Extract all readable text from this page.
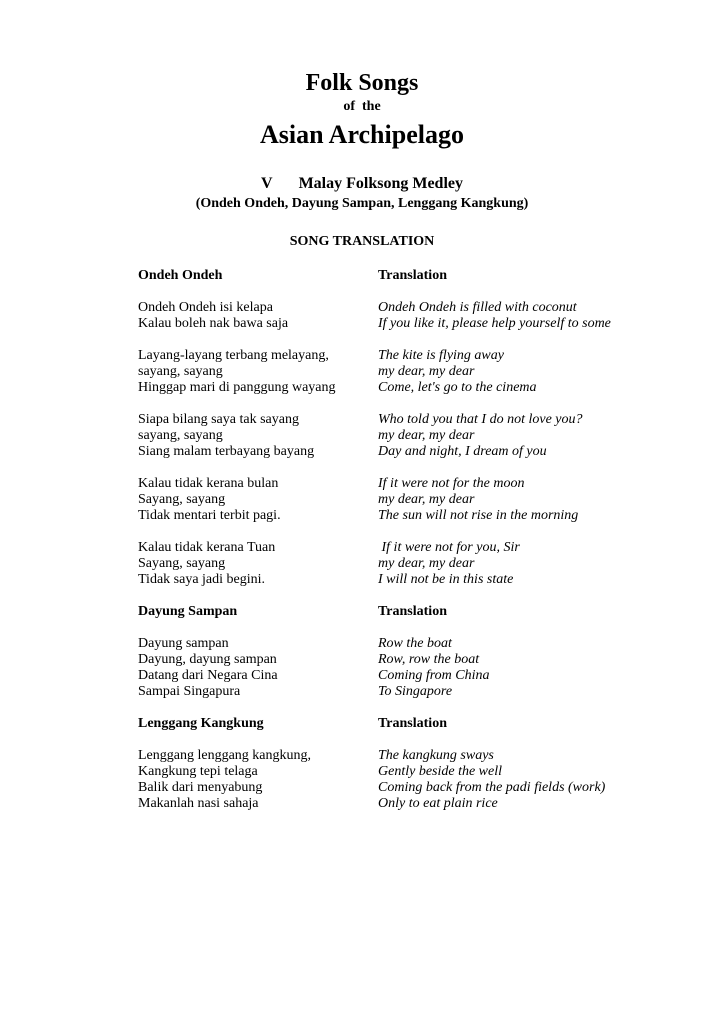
Folk Songs
of  the
Asian Archipelago
V Malay Folksong Medley
(Ondeh Ondeh, Dayung Sampan, Lenggang Kangkung)
SONG TRANSLATION
Ondeh Ondeh	Translation
Ondeh Ondeh isi kelapa	Ondeh Ondeh is filled with coconut
Kalau boleh nak bawa saja	If you like it, please help yourself to some
Layang-layang terbang melayang,	The kite is flying away
sayang, sayang	my dear, my dear
Hinggap mari di panggung wayang	Come, let's go to the cinema
Siapa bilang saya tak sayang	Who told you that I do not love you?
sayang, sayang	my dear, my dear
Siang malam terbayang bayang	Day and night, I dream of you
Kalau tidak kerana bulan	If it were not for the moon
Sayang, sayang	my dear, my dear
Tidak mentari terbit pagi.	The sun will not rise in the morning
Kalau tidak kerana Tuan	If it were not for you, Sir
Sayang, sayang	my dear, my dear
Tidak saya jadi begini.	I will not be in this state
Dayung Sampan	Translation
Dayung sampan	Row the boat
Dayung, dayung sampan	Row, row the boat
Datang dari Negara Cina	Coming from China
Sampai Singapura	To Singapore
Lenggang Kangkung	Translation
Lenggang lenggang kangkung,	The kangkung sways
Kangkung tepi telaga	Gently beside the well
Balik dari menyabung	Coming back from the padi fields (work)
Makanlah nasi sahaja	Only to eat plain rice
